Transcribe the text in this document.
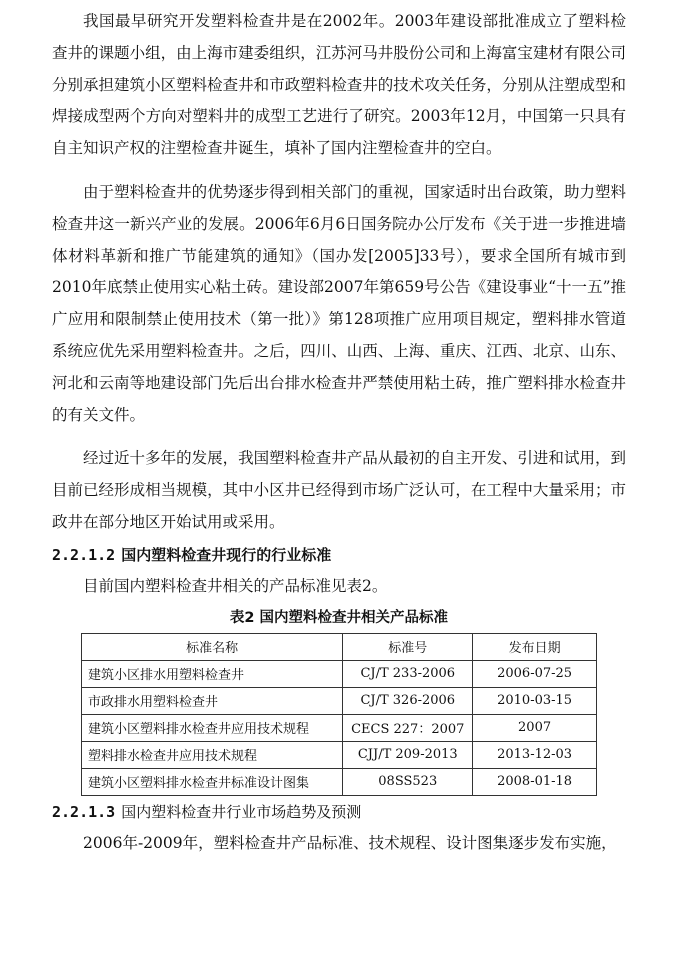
我国最早研究开发塑料检查井是在2002年。2003年建设部批准成立了塑料检查井的课题小组，由上海市建委组织，江苏河马井股份公司和上海富宝建材有限公司分别承担建筑小区塑料检查井和市政塑料检查井的技术攻关任务，分别从注塑成型和焊接成型两个方向对塑料井的成型工艺进行了研究。2003年12月，中国第一只具有自主知识产权的注塑检查井诞生，填补了国内注塑检查井的空白。

由于塑料检查井的优势逐步得到相关部门的重视，国家适时出台政策，助力塑料检查井这一新兴产业的发展。2006年6月6日国务院办公厅发布《关于进一步推进墙体材料革新和推广节能建筑的通知》（国办发[2005]33号），要求全国所有城市到2010年底禁止使用实心粘土砖。建设部2007年第659号公告《建设事业“十一五”推广应用和限制禁止使用技术（第一批）》第128项推广应用项目规定，塑料排水管道系统应优先采用塑料检查井。之后，四川、山西、上海、重庆、江西、北京、山东、河北和云南等地建设部门先后出台排水检查井严禁使用粘土砖，推广塑料排水检查井的有关文件。

经过近十多年的发展，我国塑料检查井产品从最初的自主开发、引进和试用，到目前已经形成相当规模，其中小区井已经得到市场广泛认可，在工程中大量采用；市政井在部分地区开始试用或采用。

2.2.1.2 国内塑料检查井现行的行业标准

目前国内塑料检查井相关的产品标准见表2。

表2 国内塑料检查井相关产品标准
标准名称	标准号	发布日期
建筑小区排水用塑料检查井	CJ/T 233-2006	2006-07-25
市政排水用塑料检查井	CJ/T 326-2006	2010-03-15
建筑小区塑料排水检查井应用技术规程	CECS 227：2007	2007
塑料排水检查井应用技术规程	CJJ/T 209-2013	2013-12-03
建筑小区塑料排水检查井标准设计图集	08SS523	2008-01-18
2.2.1.3 国内塑料检查井行业市场趋势及预测

2006年-2009年，塑料检查井产品标准、技术规程、设计图集逐步发布实施，
